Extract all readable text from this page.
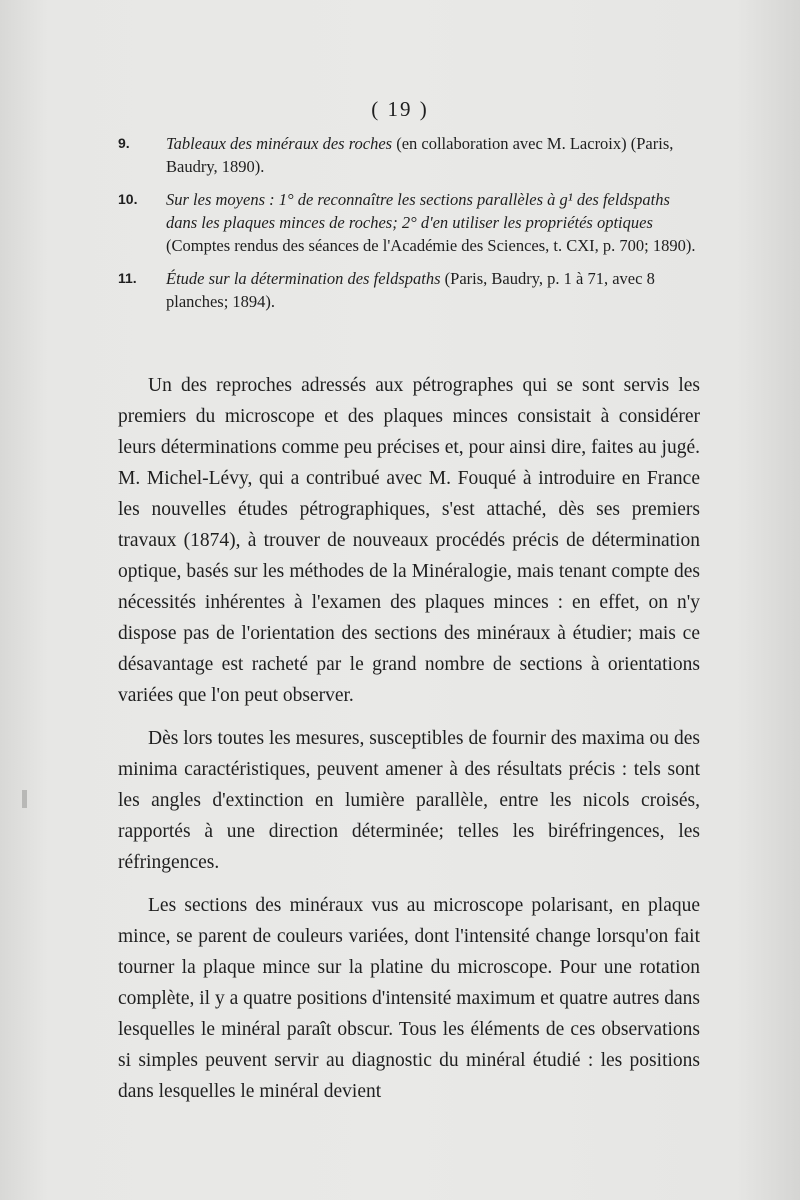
( 19 )
9. Tableaux des minéraux des roches (en collaboration avec M. Lacroix) (Paris, Baudry, 1890).
10. Sur les moyens : 1° de reconnaître les sections parallèles à g¹ des feldspaths dans les plaques minces de roches; 2° d'en utiliser les propriétés optiques (Comptes rendus des séances de l'Académie des Sciences, t. CXI, p. 700; 1890).
11. Étude sur la détermination des feldspaths (Paris, Baudry, p. 1 à 71, avec 8 planches; 1894).

Un des reproches adressés aux pétrographes qui se sont servis les premiers du microscope et des plaques minces consistait à considérer leurs déterminations comme peu précises et, pour ainsi dire, faites au jugé. M. Michel-Lévy, qui a contribué avec M. Fouqué à introduire en France les nouvelles études pétrographiques, s'est attaché, dès ses premiers travaux (1874), à trouver de nouveaux procédés précis de détermination optique, basés sur les méthodes de la Minéralogie, mais tenant compte des nécessités inhérentes à l'examen des plaques minces : en effet, on n'y dispose pas de l'orientation des sections des minéraux à étudier; mais ce désavantage est racheté par le grand nombre de sections à orientations variées que l'on peut observer.

Dès lors toutes les mesures, susceptibles de fournir des maxima ou des minima caractéristiques, peuvent amener à des résultats précis : tels sont les angles d'extinction en lumière parallèle, entre les nicols croisés, rapportés à une direction déterminée; telles les biréfringences, les réfringences.

Les sections des minéraux vus au microscope polarisant, en plaque mince, se parent de couleurs variées, dont l'intensité change lorsqu'on fait tourner la plaque mince sur la platine du microscope. Pour une rotation complète, il y a quatre positions d'intensité maximum et quatre autres dans lesquelles le minéral paraît obscur. Tous les éléments de ces observations si simples peuvent servir au diagnostic du minéral étudié : les positions dans lesquelles le minéral devient
